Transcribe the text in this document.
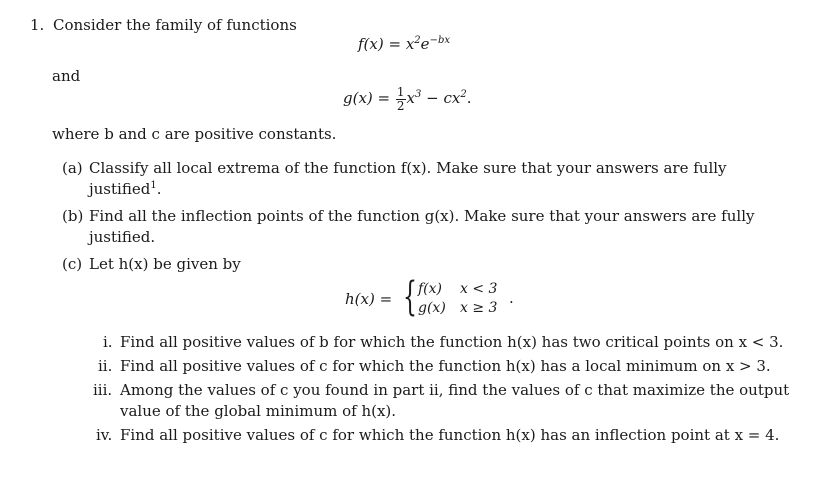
1. Consider the family of functions
$f(x) = x^2e^{-bx}$
and
$g(x) = \frac{1}{2} x^3 - cx^2$.
where b and c are positive constants.
(a) Classify all local extrema of the function f(x). Make sure that your answers are fully
justified$^1$.
(b) Find all the inflection points of the function g(x). Make sure that your answers are fully
justified.
(c) Let h(x) be given by
h(x) = { f(x) x < 3
g(x) x ≥ 3
.
i. Find all positive values of b for which the function h(x) has two critical points on x < 3.
ii. Find all positive values of c for which the function h(x) has a local minimum on x > 3.
iii. Among the values of c you found in part ii, find the values of c that maximize the output
value of the global minimum of h(x).
iv. Find all positive values of c for which the function h(x) has an inflection point at x = 4.
